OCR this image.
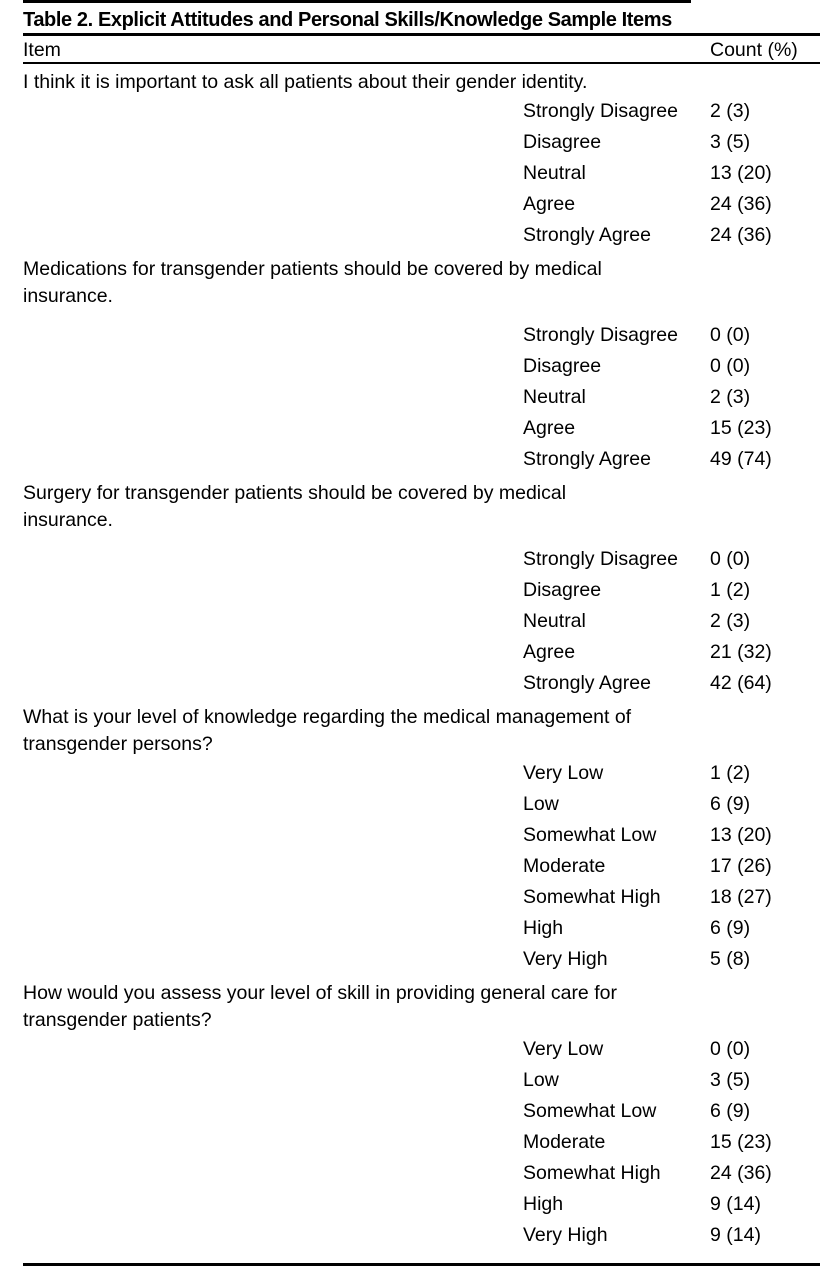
Table 2. Explicit Attitudes and Personal Skills/Knowledge Sample Items
Item	Count (%)
I think it is important to ask all patients about their gender identity.
Strongly Disagree 2 (3)
Disagree	3 (5)
Neutral	13 (20)
Agree	24 (36)
Strongly Agree	24 (36)
Medications for transgender patients should be covered by medical
insurance.
Strongly Disagree 0 (0)
Disagree	0 (0)
Neutral	2 (3)
Agree	15 (23)
Strongly Agree	49 (74)
Surgery for transgender patients should be covered by medical
insurance.
Strongly Disagree 0 (0)
Disagree	1 (2)
Neutral	2 (3)
Agree	21 (32)
Strongly Agree	42 (64)
What is your level of knowledge regarding the medical management of
transgender persons?
Very Low	1 (2)
Low	6 (9)
Somewhat Low	13 (20)
Moderate	17 (26)
Somewhat High	18 (27)
High	6 (9)
Very High	5 (8)
How would you assess your level of skill in providing general care for
transgender patients?
Very Low	0 (0)
Low	3 (5)
Somewhat Low	6 (9)
Moderate	15 (23)
Somewhat High	24 (36)
High	9 (14)
Very High	9 (14)
